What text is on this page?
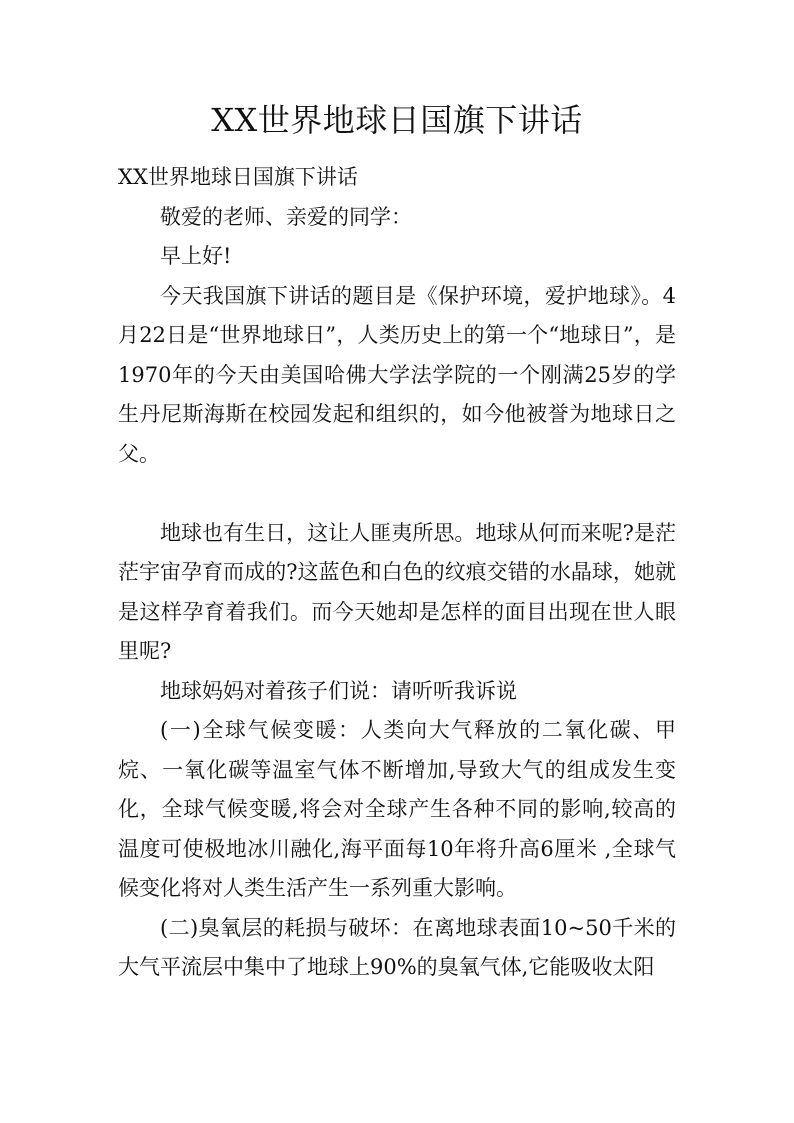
XX世界地球日国旗下讲话

XX世界地球日国旗下讲话

敬爱的老师、亲爱的同学：

早上好!

今天我国旗下讲话的题目是《保护环境，爱护地球》。4月22日是“世界地球日”，人类历史上的第一个“地球日”，是1970年的今天由美国哈佛大学法学院的一个刚满25岁的学生丹尼斯海斯在校园发起和组织的，如今他被誉为地球日之父。

地球也有生日，这让人匪夷所思。地球从何而来呢?是茫茫宇宙孕育而成的?这蓝色和白色的纹痕交错的水晶球，她就是这样孕育着我们。而今天她却是怎样的面目出现在世人眼里呢?

地球妈妈对着孩子们说：请听听我诉说

(一)全球气候变暖：人类向大气释放的二氧化碳、甲烷、一氧化碳等温室气体不断增加,导致大气的组成发生变化，全球气候变暖,将会对全球产生各种不同的影响,较高的温度可使极地冰川融化,海平面每10年将升高6厘米 ,全球气候变化将对人类生活产生一系列重大影响。

(二)臭氧层的耗损与破坏：在离地球表面10~50千米的大气平流层中集中了地球上90%的臭氧气体,它能吸收太阳
